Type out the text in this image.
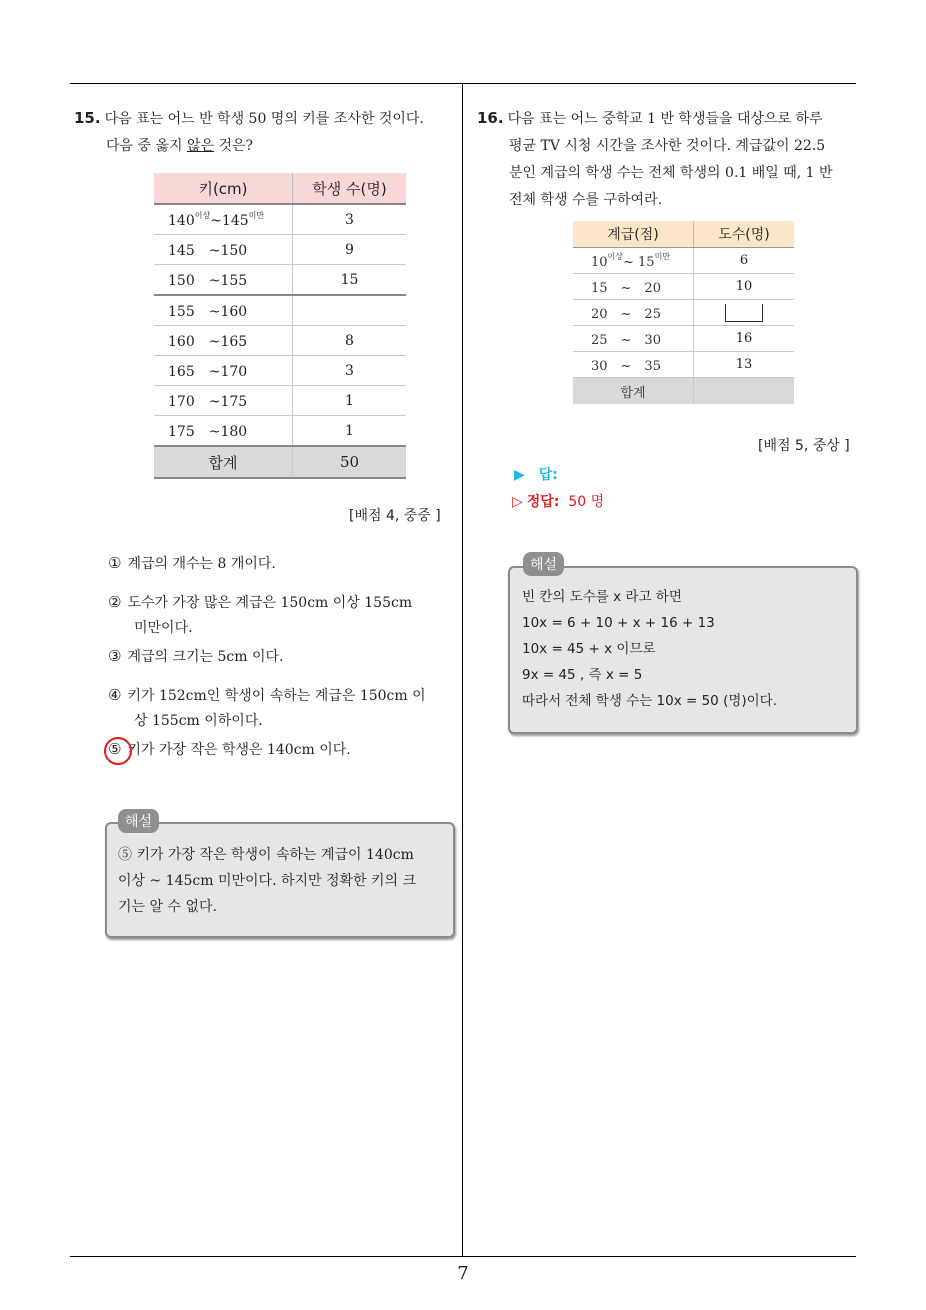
15. 다음 표는 어느 반 학생 50 명의 키를 조사한 것이다.
다음 중 옳지 않은 것은?
키(cm)	학생 수(명)
$140^{이상}\sim 145^{미만}$	3
145　~150	9
150　~155	15
155　~160	
160　~165	8
165　~170	3
170　~175	1
175　~180	1
합계	50
[배점 4, 중중 ]
① 계급의 개수는 8 개이다.
② 도수가 가장 많은 계급은 150cm 이상 155cm
미만이다.
③ 계급의 크기는 5cm 이다.
④ 키가 152cm인 학생이 속하는 계급은 150cm 이
상 155cm 이하이다.
⑤ 키가 가장 작은 학생은 140cm 이다.
해설
⑤ 키가 가장 작은 학생이 속하는 계급이 140cm
이상 ~ 145cm 미만이다. 하지만 정확한 키의 크
기는 알 수 없다.
16. 다음 표는 어느 중학교 1 반 학생들을 대상으로 하루
평균 TV 시청 시간을 조사한 것이다. 계급값이 22.5
분인 계급의 학생 수는 전체 학생의 0.1 배일 때, 1 반
전체 학생 수를 구하여라.
계급(점)	도수(명)
$10^{이상}\sim$ $15^{미만}$	6
15　~　20	10
20　~　25	
25　~　30	16
30　~　35	13
합계	
[배점 5, 중상 ]
▶ 답:
▷ 정답: 50 명
해설
빈 칸의 도수를 x 라고 하면
10x = 6 + 10 + x + 16 + 13
10x = 45 + x 이므로
9x = 45 , 즉 x = 5
따라서 전체 학생 수는 10x = 50 (명)이다.
7
